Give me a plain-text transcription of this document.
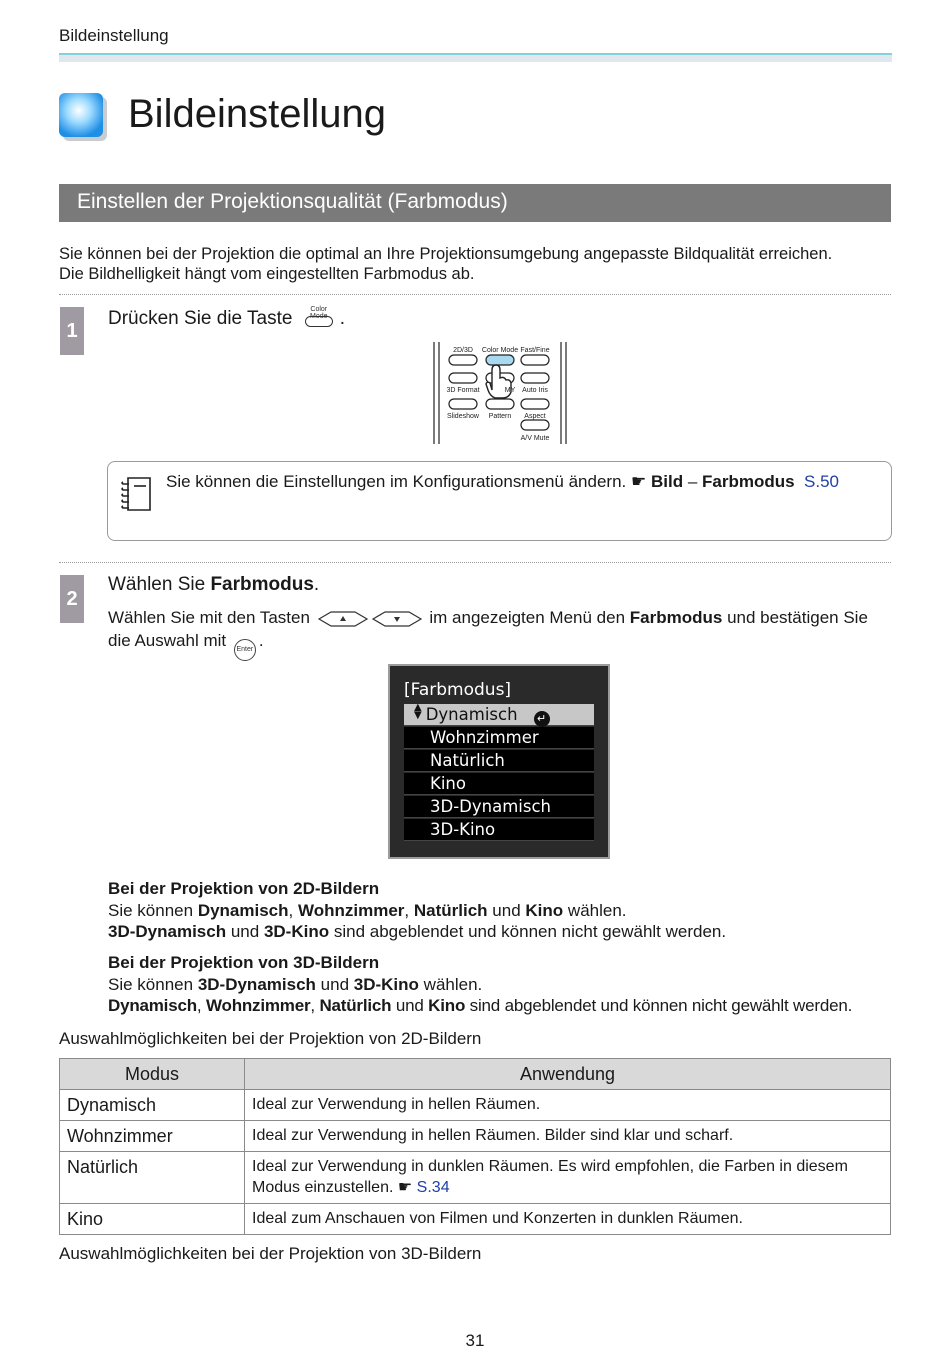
Bildeinstellung
Bildeinstellung
Einstellen der Projektionsqualität (Farbmodus)
Sie können bei der Projektion die optimal an Ihre Projektionsumgebung angepasste Bildqualität erreichen.
Die Bildhelligkeit hängt vom eingestellten Farbmodus ab.
1
Drücken Sie die Taste	Color Mode .
2D/3D Color Mode Fast/Fine
3D Format	MY Auto Iris
Slideshow Pattern Aspect
A/V Mute
Sie können die Einstellungen im Konfigurationsmenü ändern. ☛ Bild – Farbmodus S.50
2
Wählen Sie Farbmodus.
Wählen Sie mit den Tasten	im angezeigten Menü den Farbmodus und bestätigen Sie
die Auswahl mit Enter .
[Farbmodus]
▲
▼ Dynamisch ↵
Wohnzimmer
Natürlich
Kino
3D-Dynamisch
3D-Kino
Bei der Projektion von 2D-Bildern
Sie können Dynamisch, Wohnzimmer, Natürlich und Kino wählen.
3D-Dynamisch und 3D-Kino sind abgeblendet und können nicht gewählt werden.
Bei der Projektion von 3D-Bildern
Sie können 3D-Dynamisch und 3D-Kino wählen.
Dynamisch, Wohnzimmer, Natürlich und Kino sind abgeblendet und können nicht gewählt werden.
Auswahlmöglichkeiten bei der Projektion von 2D-Bildern
Modus	Anwendung
Dynamisch	Ideal zur Verwendung in hellen Räumen.
Wohnzimmer	Ideal zur Verwendung in hellen Räumen. Bilder sind klar und scharf.
Natürlich	Ideal zur Verwendung in dunklen Räumen. Es wird empfohlen, die Farben in diesem Modus einzustellen. ☛ S.34
Kino	Ideal zum Anschauen von Filmen und Konzerten in dunklen Räumen.
Auswahlmöglichkeiten bei der Projektion von 3D-Bildern
31
